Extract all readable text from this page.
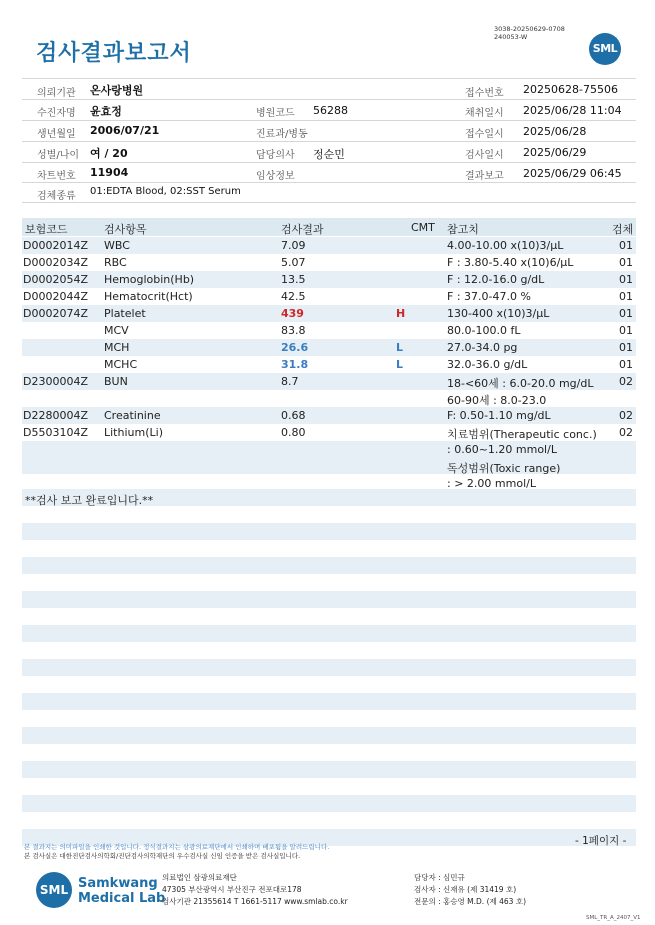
검사결과보고서
3038-20250629-0708
240053-W
SML
의뢰기관 온사랑병원	접수번호 20250628-75506
수진자명 윤효정	병원코드 56288	채취일시 2025/06/28 11:04
생년월일 2006/07/21	진료과/병동	접수일시 2025/06/28
성별/나이 여 / 20	담당의사 정순민	검사일시 2025/06/29
차트번호 11904	임상정보	결과보고 2025/06/29 06:45
검체종류 01:EDTA Blood, 02:SST Serum
보험코드	검사항목	검사결과	CMT 참고치	검체
D0002014Z WBC	7.09	4.00-10.00 x(10)3/µL	01
D0002034Z RBC	5.07	F : 3.80-5.40 x(10)6/µL	01
D0002054Z Hemoglobin(Hb)	13.5	F : 12.0-16.0 g/dL	01
D0002044Z Hematocrit(Hct)	42.5	F : 37.0-47.0 %	01
D0002074Z Platelet	439	H	130-400 x(10)3/µL	01
MCV	83.8	80.0-100.0 fL	01
MCH	26.6	L	27.0-34.0 pg	01
MCHC	31.8	L	32.0-36.0 g/dL	01
D2300004Z BUN	8.7	18-<60세 : 6.0-20.0 mg/dL 02
60-90세 : 8.0-23.0
D2280004Z Creatinine	0.68	F: 0.50-1.10 mg/dL	02
D5503104Z Lithium(Li)	0.80	치료범위(Therapeutic conc.) 02
: 0.60~1.20 mmol/L
독성범위(Toxic range)
: > 2.00 mmol/L
**검사 보고 완료입니다.**
- 1페이지 -
본 결과지는 의미파일을 인쇄한 것입니다. 정식결과지는 삼광의료재단에서 인쇄하며 배포됨을 알려드립니다.
본 검사실은 대한진단검사의학회/진단검사의학재단의 우수검사실 신임 인증을 받은 검사실입니다.
SML Samkwang
Medical Lab
의료법인 삼광의료재단
47305 부산광역시 부산진구 전포대로178
검사기관 21355614 T 1661-5117 www.smlab.co.kr
담당자 : 심민규
검사자 : 신재유 (제 31419 호)
전문의 : 홍승영 M.D. (제 463 호)
SML_TR_A_2407_V1
